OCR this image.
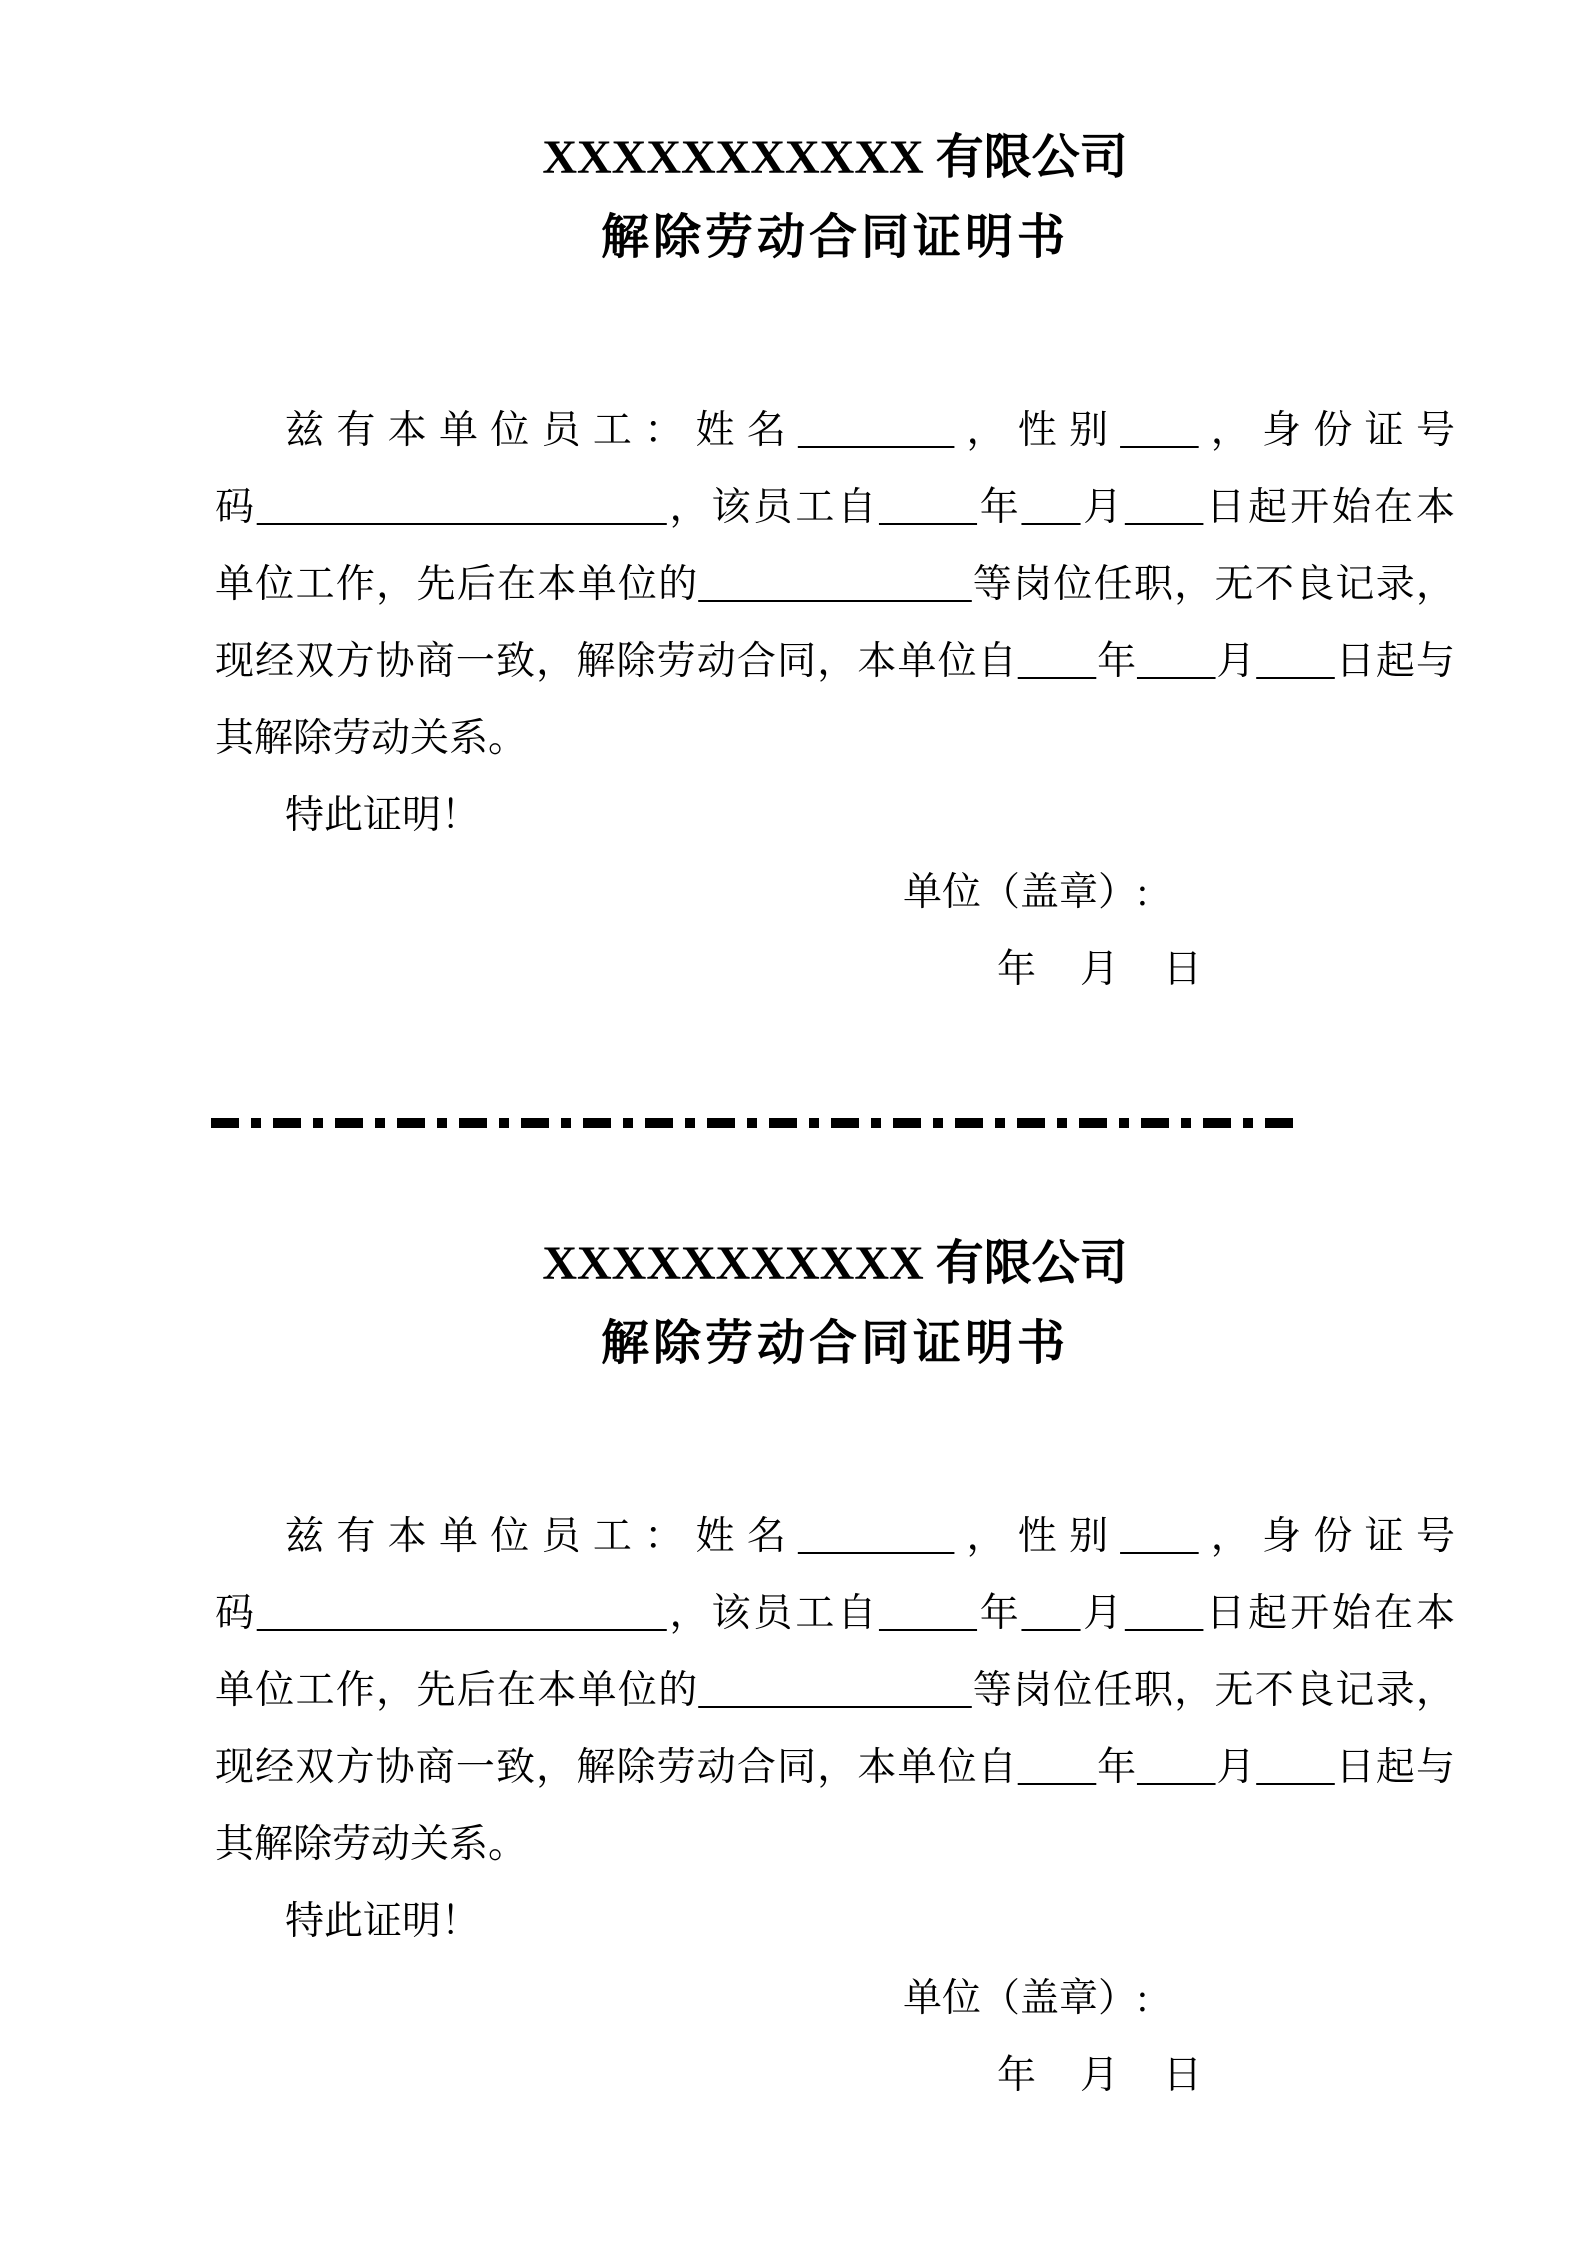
XXXXXXXXXXX 有限公司
解除劳动合同证明书

兹有本单位员工：姓名________，性别____，身份证号

码_____________________，该员工自_____年___月____日起开始在本

单位工作，先后在本单位的______________等岗位任职，无不良记录，

现经双方协商一致，解除劳动合同，本单位自____年____月____日起与

其解除劳动关系。

特此证明！

单位（盖章）:

年 月 日

XXXXXXXXXXX 有限公司
解除劳动合同证明书

兹有本单位员工：姓名________，性别____，身份证号

码_____________________，该员工自_____年___月____日起开始在本

单位工作，先后在本单位的______________等岗位任职，无不良记录，

现经双方协商一致，解除劳动合同，本单位自____年____月____日起与

其解除劳动关系。

特此证明！

单位（盖章）:

年 月 日
